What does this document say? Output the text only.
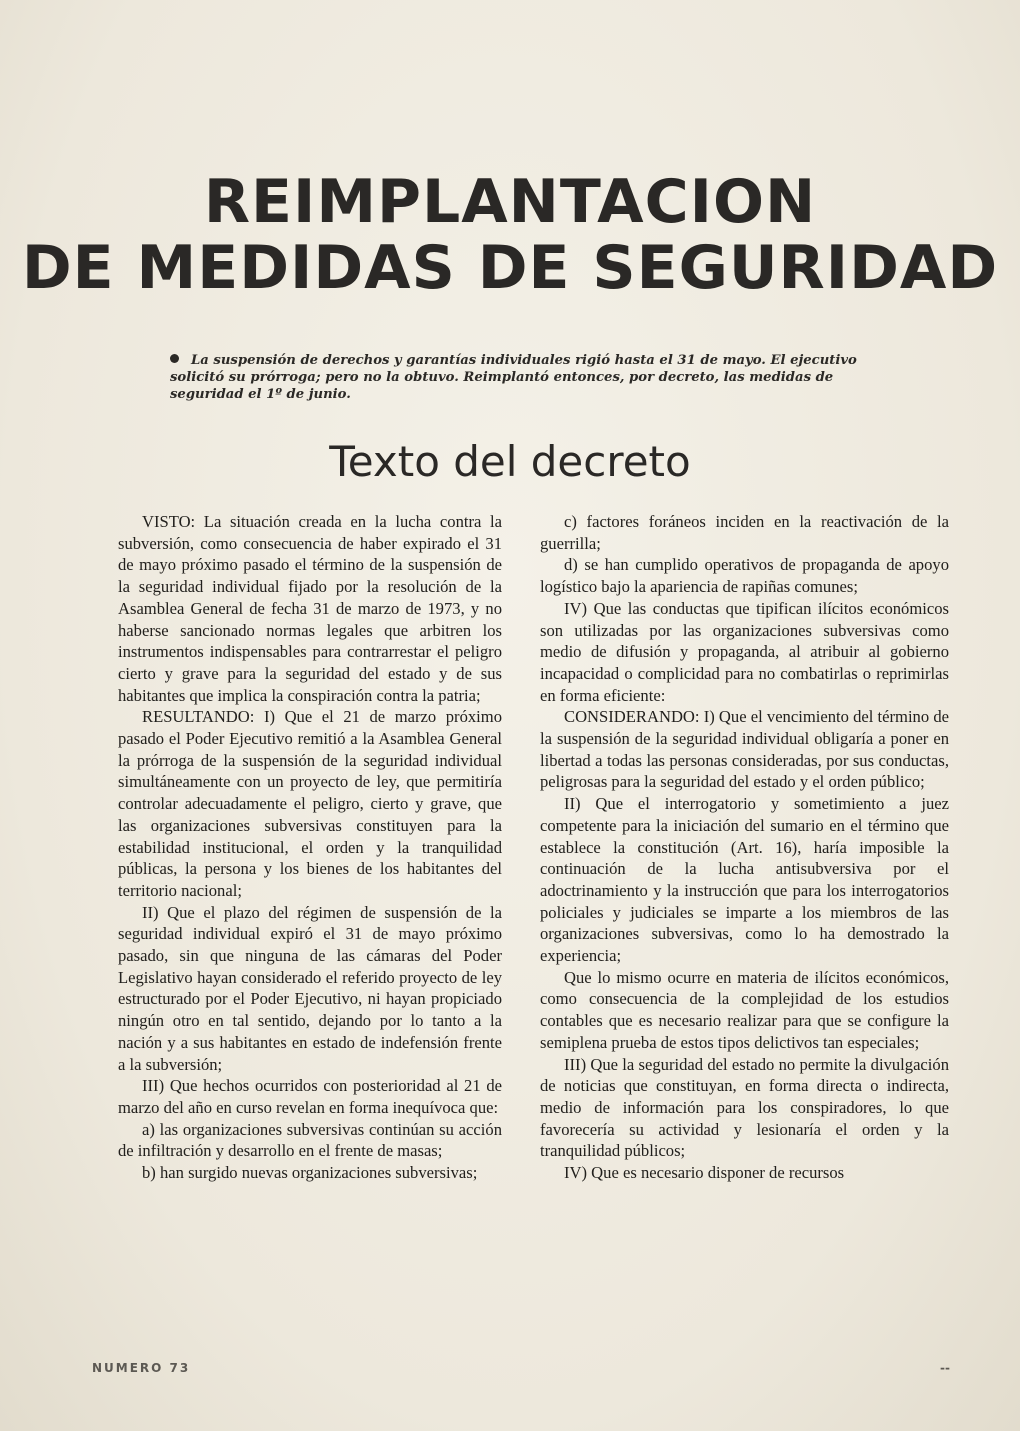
REIMPLANTACION
DE MEDIDAS DE SEGURIDAD
La suspensión de derechos y garantías individuales rigió hasta el 31 de mayo. El ejecutivo solicitó su prórroga; pero no la obtuvo. Reimplantó entonces, por decreto, las medidas de seguridad el 1º de junio.
Texto del decreto

VISTO: La situación creada en la lucha contra la subversión, como consecuencia de haber expirado el 31 de mayo próximo pasado el término de la suspensión de la seguridad individual fijado por la resolución de la Asamblea General de fecha 31 de marzo de 1973, y no haberse sancionado normas legales que arbitren los instrumentos indispensables para contrarrestar el peligro cierto y grave para la seguridad del estado y de sus habitantes que implica la conspiración contra la patria;

RESULTANDO: I) Que el 21 de marzo próximo pasado el Poder Ejecutivo remitió a la Asamblea General la prórroga de la suspensión de la seguridad individual simultáneamente con un proyecto de ley, que permitiría controlar adecuadamente el peligro, cierto y grave, que las organizaciones subversivas constituyen para la estabilidad institucional, el orden y la tranquilidad públicas, la persona y los bienes de los habitantes del territorio nacional;

II) Que el plazo del régimen de suspensión de la seguridad individual expiró el 31 de mayo próximo pasado, sin que ninguna de las cámaras del Poder Legislativo hayan considerado el referido proyecto de ley estructurado por el Poder Ejecutivo, ni hayan propiciado ningún otro en tal sentido, dejando por lo tanto a la nación y a sus habitantes en estado de indefensión frente a la subversión;

III) Que hechos ocurridos con posterioridad al 21 de marzo del año en curso revelan en forma inequívoca que:

a) las organizaciones subversivas continúan su acción de infiltración y desarrollo en el frente de masas;

b) han surgido nuevas organizaciones subversivas;

c) factores foráneos inciden en la reactivación de la guerrilla;

d) se han cumplido operativos de propaganda de apoyo logístico bajo la apariencia de rapiñas comunes;

IV) Que las conductas que tipifican ilícitos económicos son utilizadas por las organizaciones subversivas como medio de difusión y propaganda, al atribuir al gobierno incapacidad o complicidad para no combatirlas o reprimirlas en forma eficiente:

CONSIDERANDO: I) Que el vencimiento del término de la suspensión de la seguridad individual obligaría a poner en libertad a todas las personas consideradas, por sus conductas, peligrosas para la seguridad del estado y el orden público;

II) Que el interrogatorio y sometimiento a juez competente para la iniciación del sumario en el término que establece la constitución (Art. 16), haría imposible la continuación de la lucha antisubversiva por el adoctrinamiento y la instrucción que para los interrogatorios policiales y judiciales se imparte a los miembros de las organizaciones subversivas, como lo ha demostrado la experiencia;

Que lo mismo ocurre en materia de ilícitos económicos, como consecuencia de la complejidad de los estudios contables que es necesario realizar para que se configure la semiplena prueba de estos tipos delictivos tan especiales;

III) Que la seguridad del estado no permite la divulgación de noticias que constituyan, en forma directa o indirecta, medio de información para los conspiradores, lo que favorecería su actividad y lesionaría el orden y la tranquilidad públicos;

IV) Que es necesario disponer de recursos

NUMERO 73	--
